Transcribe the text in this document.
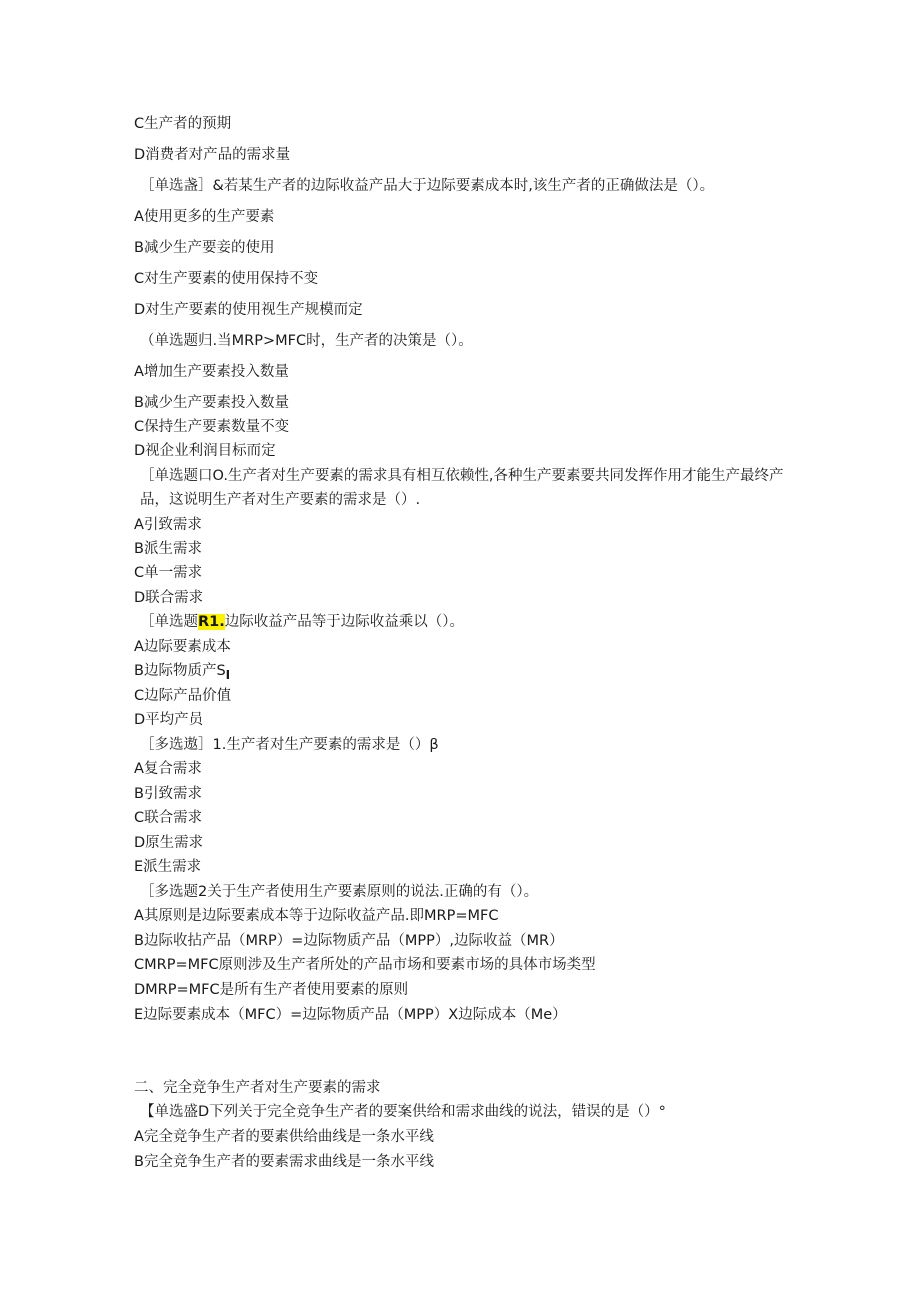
C生产者的预期
D消费者对产品的需求量
［单选盏］&若某生产者的边际收益产品大于边际要素成本时,该生产者的正确做法是（）。
A使用更多的生产要素
B减少生产要妾的使用
C对生产要素的使用保持不变
D对生产要素的使用视生产规模而定
（单选题归.当MRP>MFC时，生产者的决策是（）。
A增加生产要素投入数量
B减少生产要素投入数量
C保持生产要素数量不变
D视企业利润目标而定
［单选题口O.生产者对生产要素的需求具有相互依赖性,各种生产要素要共同发挥作用才能生产最终产品，这说明生产者对生产要素的需求是（）.
A引致需求
B派生需求
C单一需求
D联合需求
［单选题R1.边际收益产品等于边际收益乘以（）。
A边际要素成本
B边际物质产$S_I$
C边际产品价值
D平均产员
［多选遨］1.生产者对生产要素的需求是（）β
A复合需求
B引致需求
C联合需求
D原生需求
E派生需求
［多选题2关于生产者使用生产要素原则的说法.正确的有（）。
A其原则是边际要素成本等于边际收益产品.即MRP=MFC
B边际收拈产品（MRP）=边际物质产品（MPP）,边际收益（MR）
CMRP=MFC原则涉及生产者所处的产品市场和要素市场的具体市场类型
DMRP=MFC是所有生产者使用要素的原则
E边际要素成本（MFC）=边际物质产品（MPP）X边际成本（Me）
二、完全竞争生产者对生产要素的需求
【单选盛D下列关于完全竞争生产者的要案供给和需求曲线的说法，错误的是（）°
A完全竞争生产者的要素供给曲线是一条水平线
B完全竞争生产者的要素需求曲线是一条水平线
